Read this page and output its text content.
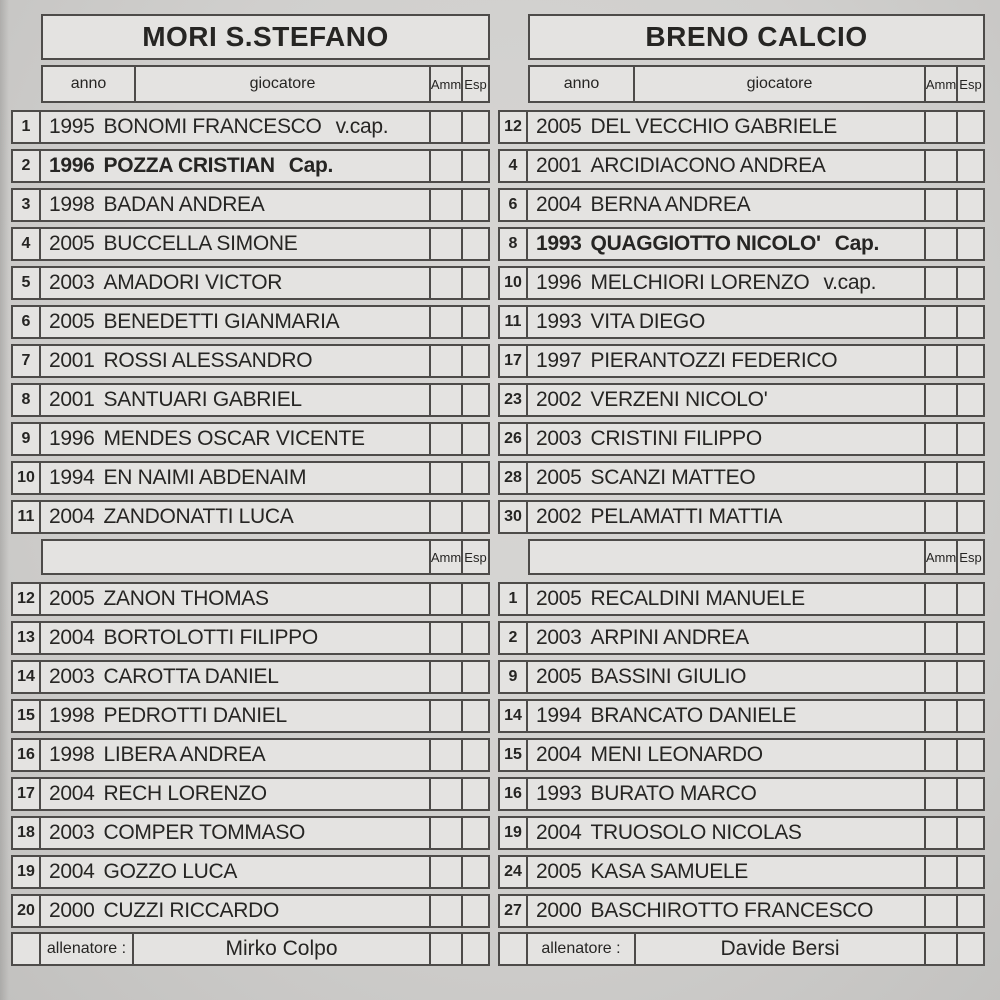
MORI S.STEFANO
anno	giocatore	Amm Esp
1 1995 BONOMI FRANCESCO v.cap.
2 1996 POZZA CRISTIAN Cap.
3 1998 BADAN ANDREA
4 2005 BUCCELLA SIMONE
5 2003 AMADORI VICTOR
6 2005 BENEDETTI GIANMARIA
7 2001 ROSSI ALESSANDRO
8 2001 SANTUARI GABRIEL
9 1996 MENDES OSCAR VICENTE
10 1994 EN NAIMI ABDENAIM
11 2004 ZANDONATTI LUCA
Amm Esp
12 2005 ZANON THOMAS
13 2004 BORTOLOTTI FILIPPO
14 2003 CAROTTA DANIEL
15 1998 PEDROTTI DANIEL
16 1998 LIBERA ANDREA
17 2004 RECH LORENZO
18 2003 COMPER TOMMASO
19 2004 GOZZO LUCA
20 2000 CUZZI RICCARDO
allenatore :	Mirko Colpo
BRENO CALCIO
anno	giocatore	Amm Esp
12 2005 DEL VECCHIO GABRIELE
4 2001 ARCIDIACONO ANDREA
6 2004 BERNA ANDREA
8 1993 QUAGGIOTTO NICOLO' Cap.
10 1996 MELCHIORI LORENZO v.cap.
11 1993 VITA DIEGO
17 1997 PIERANTOZZI FEDERICO
23 2002 VERZENI NICOLO'
26 2003 CRISTINI FILIPPO
28 2005 SCANZI MATTEO
30 2002 PELAMATTI MATTIA
Amm Esp
1 2005 RECALDINI MANUELE
2 2003 ARPINI ANDREA
9 2005 BASSINI GIULIO
14 1994 BRANCATO DANIELE
15 2004 MENI LEONARDO
16 1993 BURATO MARCO
19 2004 TRUOSOLO NICOLAS
24 2005 KASA SAMUELE
27 2000 BASCHIROTTO FRANCESCO
allenatore :	Davide Bersi
